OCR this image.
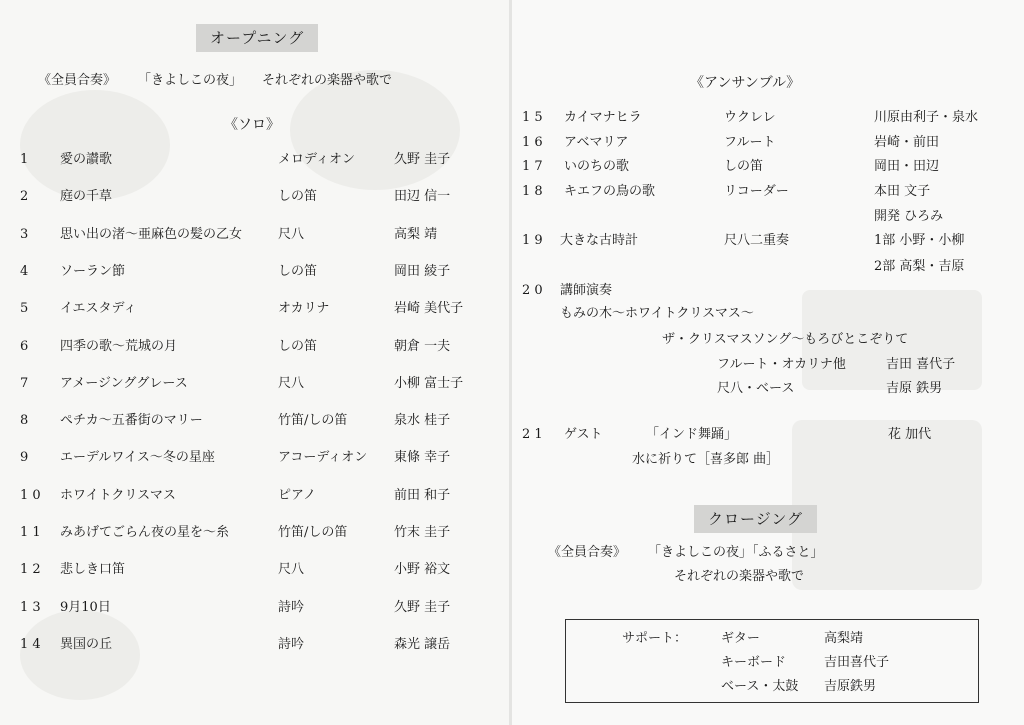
オープニング
《全員合奏》 「きよしこの夜」 それぞれの楽器や歌で
《ソロ》
1 愛の讃歌	メロディオン	久野 圭子
2 庭の千草	しの笛	田辺 信一
3 思い出の渚〜亜麻色の髪の乙女	尺八	高梨 靖
4 ソーラン節	しの笛	岡田 綾子
5 イエスタディ	オカリナ	岩崎 美代子
6 四季の歌〜荒城の月	しの笛	朝倉 一夫
7 アメージンググレース	尺八	小柳 富士子
8 ペチカ〜五番街のマリー	竹笛/しの笛	泉水 桂子
9 エーデルワイス〜冬の星座	アコーディオン 東條 幸子
1 0 ホワイトクリスマス	ピアノ	前田 和子
1 1 みあげてごらん夜の星を〜糸	竹笛/しの笛	竹末 圭子
1 2 悲しき口笛	尺八	小野 裕文
1 3 9月10日	詩吟	久野 圭子
1 4 異国の丘	詩吟	森光 譲岳
《アンサンブル》
1 5 カイマナヒラ	ウクレレ	川原由利子・泉水
1 6 アベマリア	フルート	岩崎・前田
1 7 いのちの歌	しの笛	岡田・田辺
1 8 キエフの鳥の歌	リコーダー	本田 文子
開発 ひろみ
1 9 大きな古時計	尺八二重奏	1部 小野・小柳
2部 高梨・吉原
2 0 講師演奏
もみの木〜ホワイトクリスマス〜
ザ・クリスマスソング〜もろびとこぞりて
フルート・オカリナ他	吉田 喜代子
尺八・ベース	吉原 鉄男
2 1 ゲスト	「インド舞踊」	花 加代
水に祈りて［喜多郎 曲］
クロージング
《全員合奏》 「きよしこの夜」「ふるさと」
それぞれの楽器や歌で
サポート：	ギター	高梨靖
キーボード	吉田喜代子
ベース・太鼓 吉原鉄男
